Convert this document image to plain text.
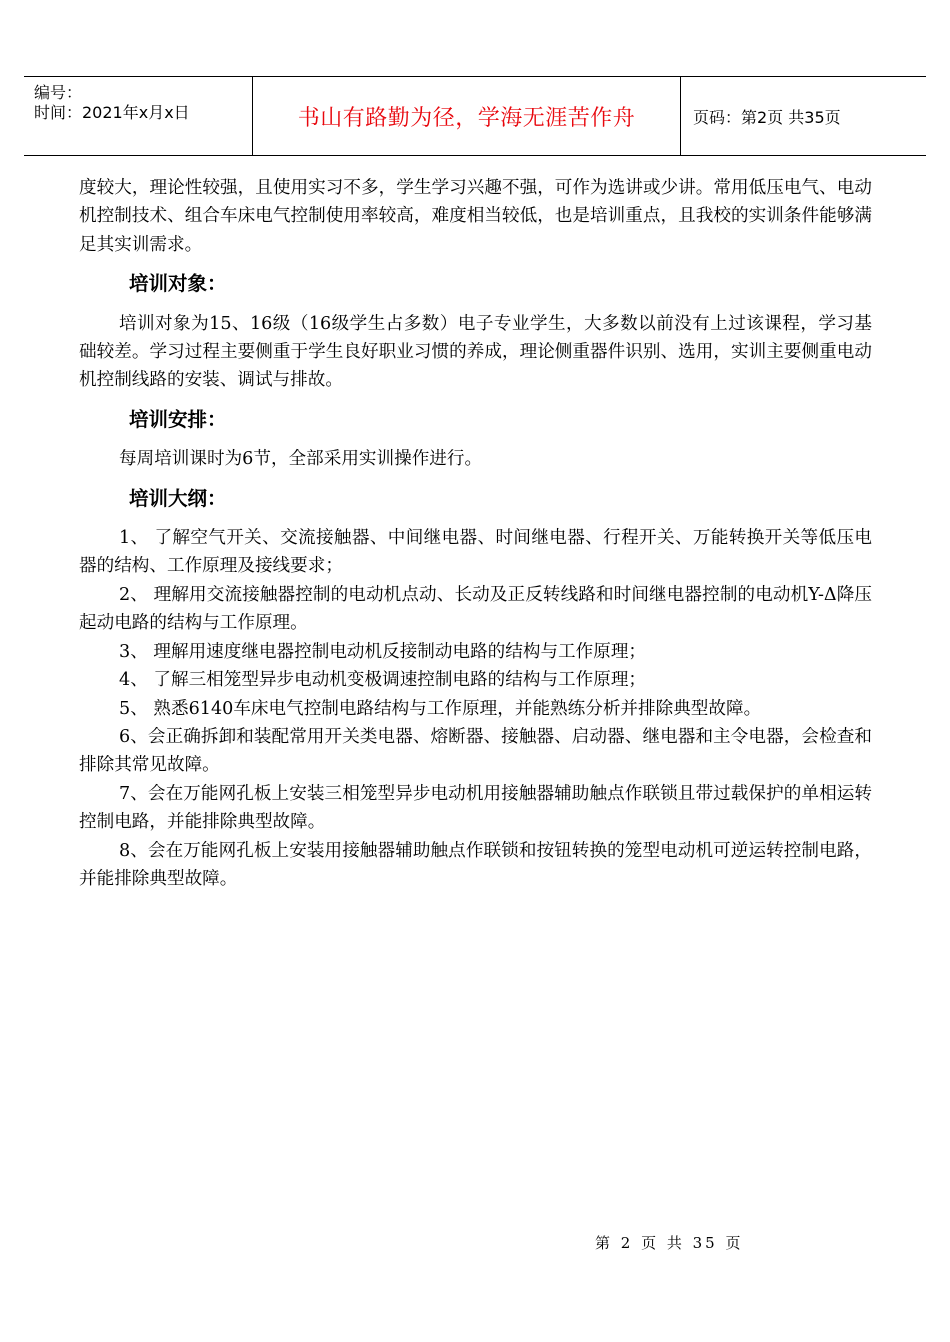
编号：
时间：2021年x月x日	书山有路勤为径，学海无涯苦作舟	页码：第2页 共35页

度较大，理论性较强，且使用实习不多，学生学习兴趣不强，可作为选讲或少讲。常用低压电气、电动机控制技术、组合车床电气控制使用率较高，难度相当较低，也是培训重点，且我校的实训条件能够满足其实训需求。

培训对象：

培训对象为15、16级（16级学生占多数）电子专业学生，大多数以前没有上过该课程，学习基础较差。学习过程主要侧重于学生良好职业习惯的养成，理论侧重器件识别、选用，实训主要侧重电动机控制线路的安装、调试与排故。

培训安排：

每周培训课时为6节，全部采用实训操作进行。

培训大纲：

1、 了解空气开关、交流接触器、中间继电器、时间继电器、行程开关、万能转换开关等低压电器的结构、工作原理及接线要求；

2、 理解用交流接触器控制的电动机点动、长动及正反转线路和时间继电器控制的电动机Y-Δ降压起动电路的结构与工作原理。

3、 理解用速度继电器控制电动机反接制动电路的结构与工作原理；

4、 了解三相笼型异步电动机变极调速控制电路的结构与工作原理；

5、 熟悉6140车床电气控制电路结构与工作原理，并能熟练分析并排除典型故障。

6、会正确拆卸和装配常用开关类电器、熔断器、接触器、启动器、继电器和主令电器，会检查和排除其常见故障。

7、会在万能网孔板上安装三相笼型异步电动机用接触器辅助触点作联锁且带过载保护的单相运转控制电路，并能排除典型故障。

8、会在万能网孔板上安装用接触器辅助触点作联锁和按钮转换的笼型电动机可逆运转控制电路，并能排除典型故障。

第 2 页 共 35 页
